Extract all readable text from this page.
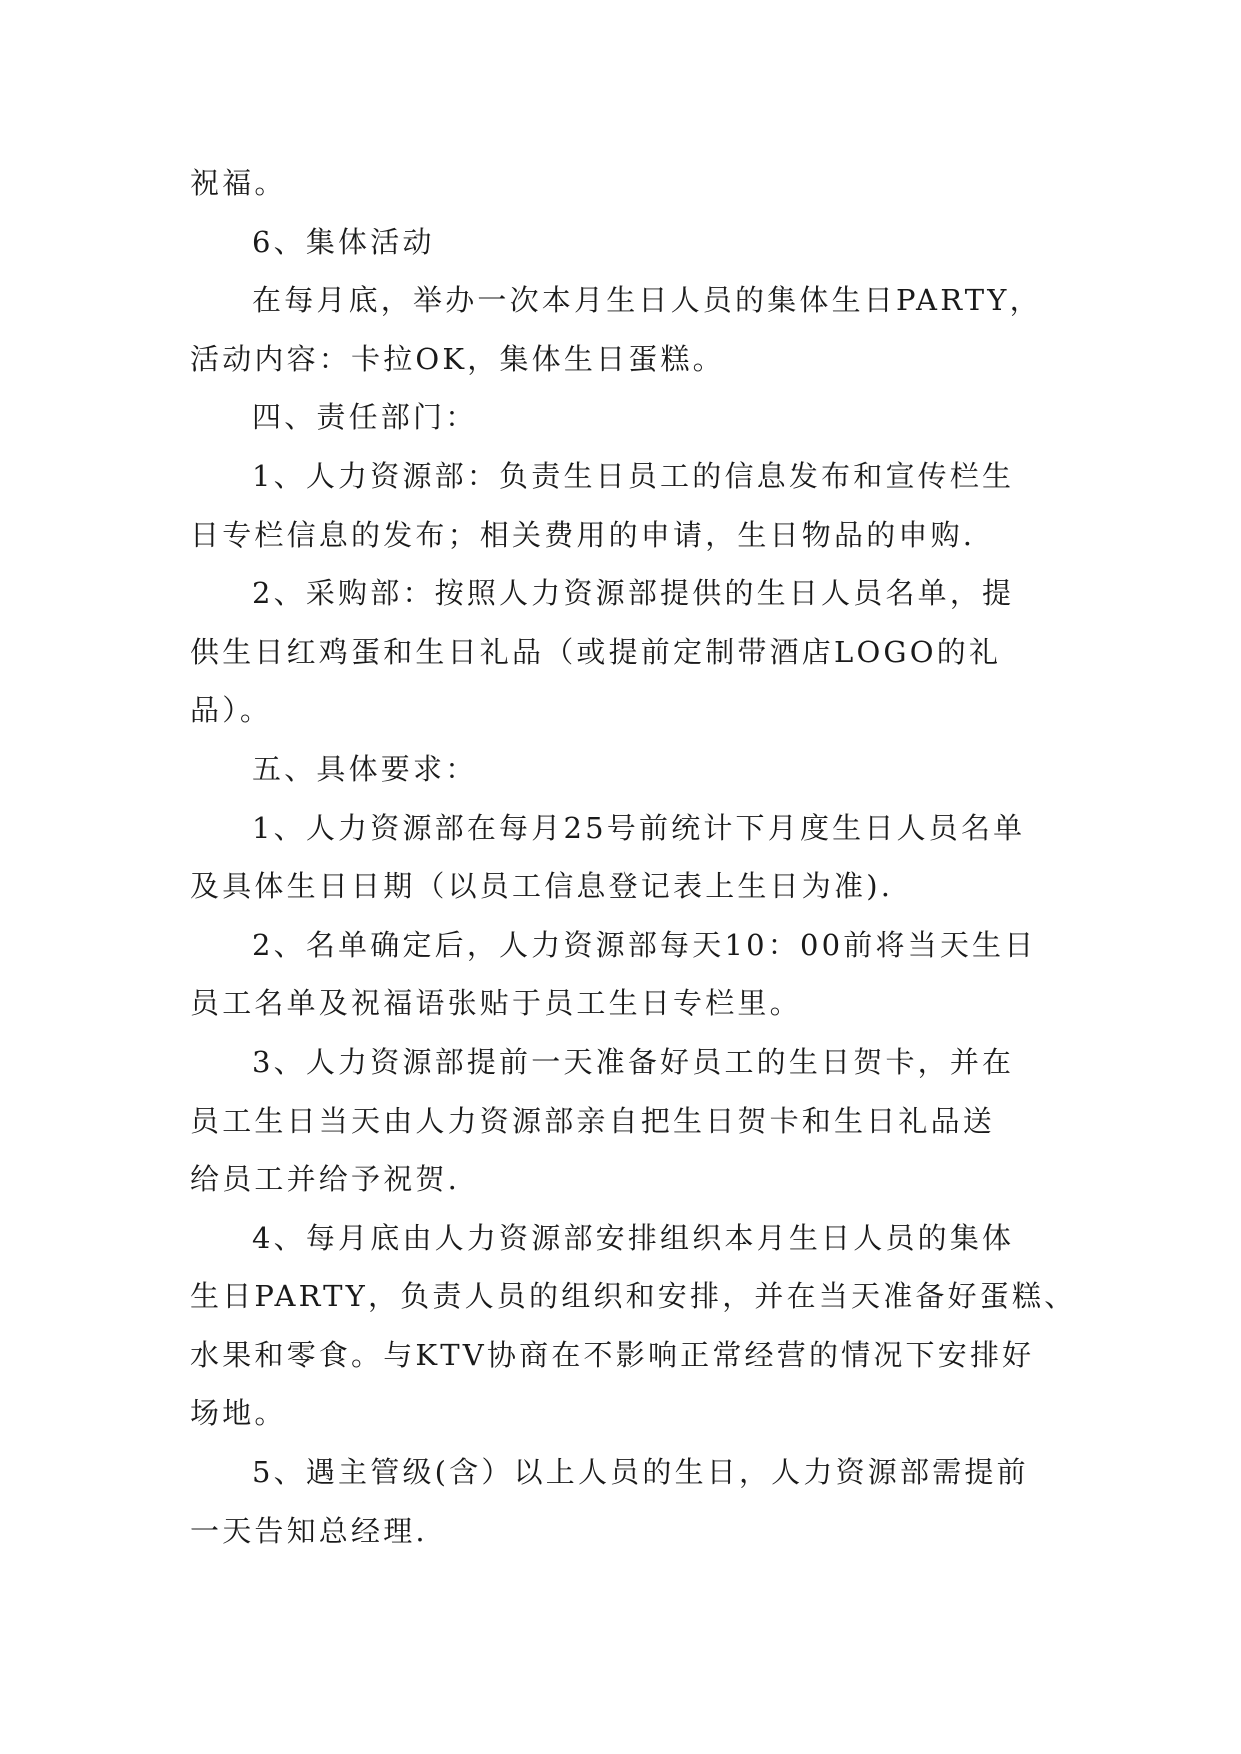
祝福。
6、集体活动
在每月底，举办一次本月生日人员的集体生日PARTY，
活动内容：卡拉OK，集体生日蛋糕。
四、责任部门：
1、人力资源部：负责生日员工的信息发布和宣传栏生
日专栏信息的发布；相关费用的申请，生日物品的申购.
2、采购部：按照人力资源部提供的生日人员名单，提
供生日红鸡蛋和生日礼品（或提前定制带酒店LOGO的礼
品）。
五、具体要求：
1、人力资源部在每月25号前统计下月度生日人员名单
及具体生日日期（以员工信息登记表上生日为准).
2、名单确定后，人力资源部每天10：00前将当天生日
员工名单及祝福语张贴于员工生日专栏里。
3、人力资源部提前一天准备好员工的生日贺卡，并在
员工生日当天由人力资源部亲自把生日贺卡和生日礼品送
给员工并给予祝贺.
4、每月底由人力资源部安排组织本月生日人员的集体
生日PARTY，负责人员的组织和安排，并在当天准备好蛋糕、
水果和零食。与KTV协商在不影响正常经营的情况下安排好
场地。
5、遇主管级(含）以上人员的生日，人力资源部需提前
一天告知总经理.
